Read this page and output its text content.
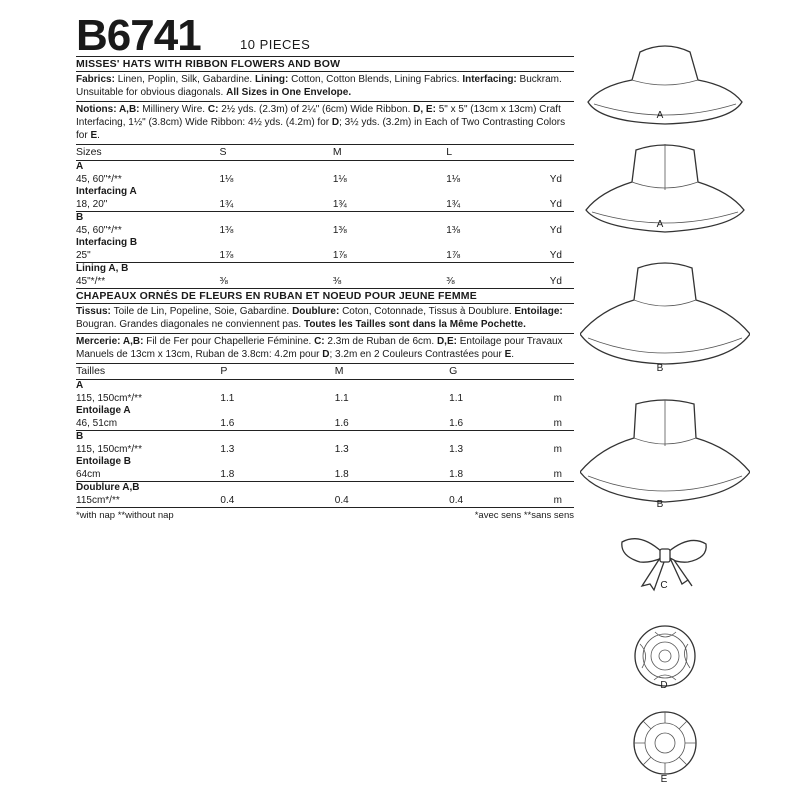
B6741	10 PIECES
MISSES' HATS WITH RIBBON FLOWERS AND BOW
Fabrics: Linen, Poplin, Silk, Gabardine. Lining: Cotton, Cotton Blends, Lining Fabrics. Interfacing: Buckram. Unsuitable for obvious diagonals. All Sizes in One Envelope.
Notions: A,B: Millinery Wire. C: 2½ yds. (2.3m) of 2¼" (6cm) Wide Ribbon. D, E: 5" x 5" (13cm x 13cm) Craft Interfacing, 1½" (3.8cm) Wide Ribbon: 4½ yds. (4.2m) for D; 3½ yds. (3.2m) in Each of Two Contrasting Colors for E.
Sizes	S	M	L	
A				
45, 60"*/**	1⅛	1⅛	1⅛	Yd
Interfacing A				
18, 20"	1¾	1¾	1¾	Yd
B				
45, 60"*/**	1⅜	1⅜	1⅜	Yd
Interfacing B				
25"	1⅞	1⅞	1⅞	Yd
Lining A, B				
45"*/**	⅜	⅜	⅜	Yd
CHAPEAUX ORNÉS DE FLEURS EN RUBAN ET NOEUD POUR JEUNE FEMME
Tissus: Toile de Lin, Popeline, Soie, Gabardine. Doublure: Coton, Cotonnade, Tissus à Doublure. Entoilage: Bougran. Grandes diagonales ne conviennent pas. Toutes les Tailles sont dans la Même Pochette.
Mercerie: A,B: Fil de Fer pour Chapellerie Féminine. C: 2.3m de Ruban de 6cm. D,E: Entoilage pour Travaux Manuels de 13cm x 13cm, Ruban de 3.8cm: 4.2m pour D; 3.2m en 2 Couleurs Contrastées pour E.
Tailles	P	M	G	
A				
115, 150cm*/**	1.1	1.1	1.1	m
Entoilage A				
46, 51cm	1.6	1.6	1.6	m
B				
115, 150cm*/**	1.3	1.3	1.3	m
Entoilage B				
64cm	1.8	1.8	1.8	m
Doublure A,B				
115cm*/**	0.4	0.4	0.4	m
*with nap **without nap	*avec sens **sans sens
A
A
B
B
C
D
E
